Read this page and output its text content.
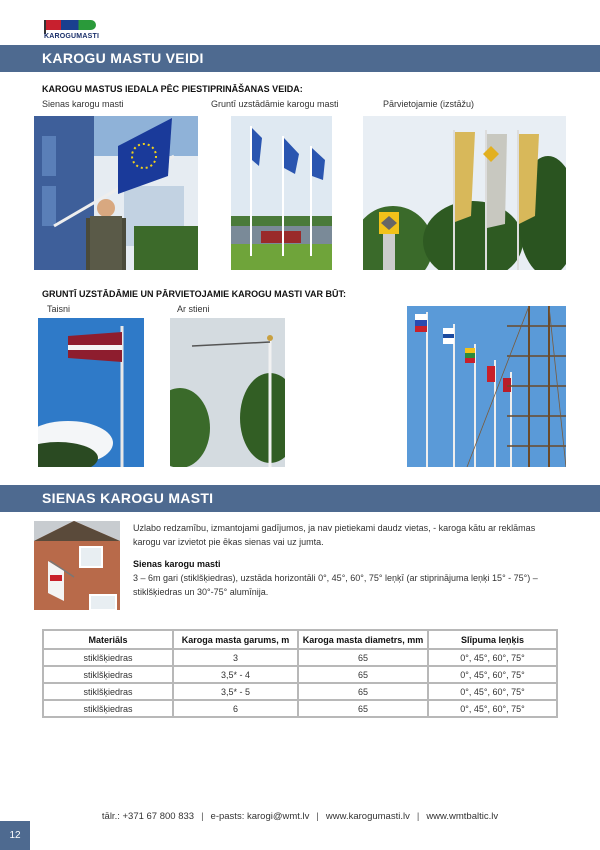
KAROGUMASTI
KAROGU MASTU VEIDI
KAROGU MASTUS IEDALA PĒC PIESTIPRINĀŠANAS VEIDA:
Sienas karogu masti	Gruntī uzstādāmie karogu masti	Pārvietojamie (izstāžu)
GRUNTĪ UZSTĀDĀMIE UN PĀRVIETOJAMIE KAROGU MASTI VAR BŪT:
Taisni	Ar stieni
SIENAS KAROGU MASTI
Uzlabo redzamību, izmantojami gadījumos, ja nav pietiekami daudz vietas, - karoga kātu ar reklāmas karogu var izvietot pie ēkas sienas vai uz jumta.
Sienas karogu masti
3 – 6m gari (stiklšķiedras), uzstāda horizontāli 0°, 45°, 60°, 75° leņķī (ar stiprinājuma leņķi 15° - 75°) – stiklšķiedras un 30°-75° alumīnija.
Materiāls	Karoga masta garums, m	Karoga masta diametrs, mm	Slīpuma leņķis
stiklšķiedras	3	65	0°, 45°, 60°, 75°
stiklšķiedras	3,5* - 4	65	0°, 45°, 60°, 75°
stiklšķiedras	3,5* - 5	65	0°, 45°, 60°, 75°
stiklšķiedras	6	65	0°, 45°, 60°, 75°
tālr.: +371 67 800 833 | e-pasts: karogi@wmt.lv | www.karogumasti.lv | www.wmtbaltic.lv
12
